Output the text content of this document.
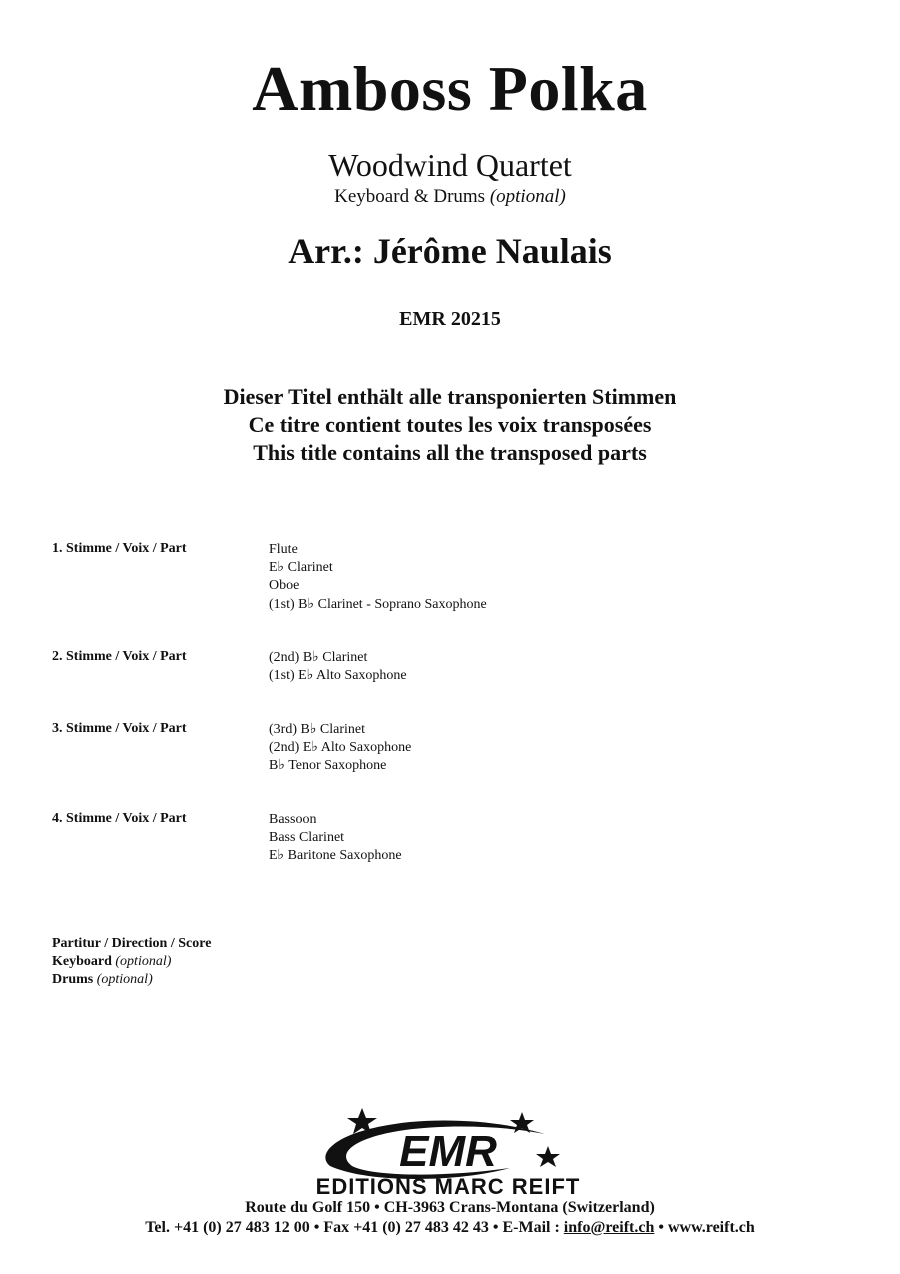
Amboss Polka
Woodwind Quartet
Keyboard & Drums (optional)
Arr.: Jérôme Naulais
EMR 20215
Dieser Titel enthält alle transponierten Stimmen
Ce titre contient toutes les voix transposées
This title contains all the transposed parts
1. Stimme / Voix / Part	Flute
E♭ Clarinet
Oboe
(1st) B♭ Clarinet - Soprano Saxophone
2. Stimme / Voix / Part	(2nd) B♭ Clarinet
(1st) E♭ Alto Saxophone
3. Stimme / Voix / Part	(3rd) B♭ Clarinet
(2nd) E♭ Alto Saxophone
B♭ Tenor Saxophone
4. Stimme / Voix / Part	Bassoon
Bass Clarinet
E♭ Baritone Saxophone
Partitur / Direction / Score
Keyboard (optional)
Drums (optional)
EMR
EDITIONS MARC REIFT
Route du Golf 150 • CH-3963 Crans-Montana (Switzerland)
Tel. +41 (0) 27 483 12 00 • Fax +41 (0) 27 483 42 43 • E-Mail : info@reift.ch • www.reift.ch
